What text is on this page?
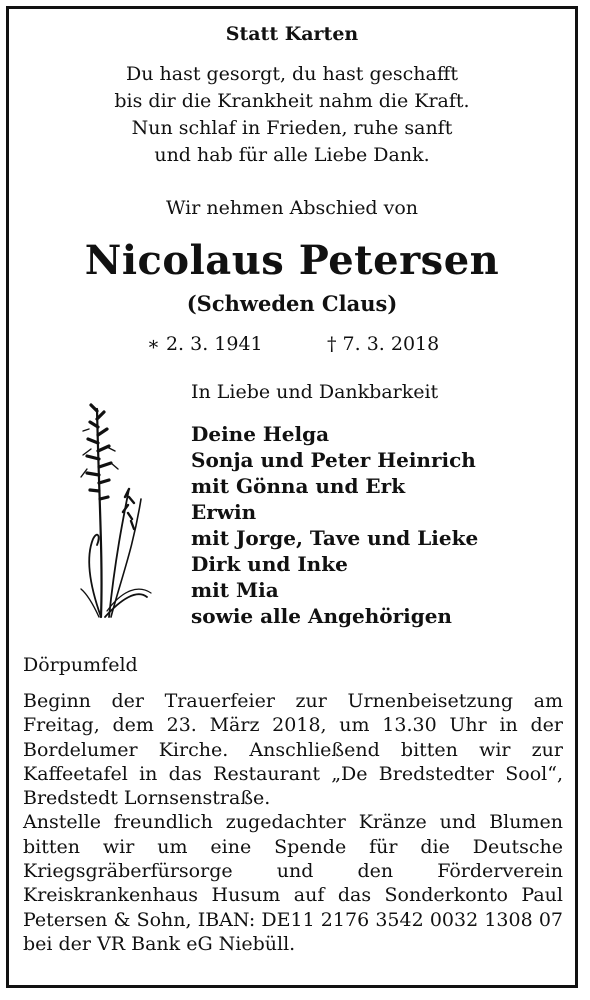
Statt Karten
Du hast gesorgt, du hast geschafft
bis dir die Krankheit nahm die Kraft.
Nun schlaf in Frieden, ruhe sanft
und hab für alle Liebe Dank.
Wir nehmen Abschied von
Nicolaus Petersen
(Schweden Claus)
∗ 2. 3. 1941	† 7. 3. 2018
In Liebe und Dankbarkeit
Deine Helga
Sonja und Peter Heinrich
mit Gönna und Erk
Erwin
mit Jorge, Tave und Lieke
Dirk und Inke
mit Mia
sowie alle Angehörigen
Dörpumfeld

Beginn der Trauerfeier zur Urnenbeisetzung am Freitag, dem 23. März 2018, um 13.30 Uhr in der Bordelumer Kirche. Anschließend bitten wir zur Kaffeetafel in das Restaurant „De Bredstedter Sool“, Bredstedt Lornsenstraße.

Anstelle freundlich zugedachter Kränze und Blumen bitten wir um eine Spende für die Deutsche Kriegsgräberfürsorge und den Förderverein Kreiskrankenhaus Husum auf das Sonderkonto Paul Petersen & Sohn, IBAN: DE11 2176 3542 0032 1308 07 bei der VR Bank eG Niebüll.
